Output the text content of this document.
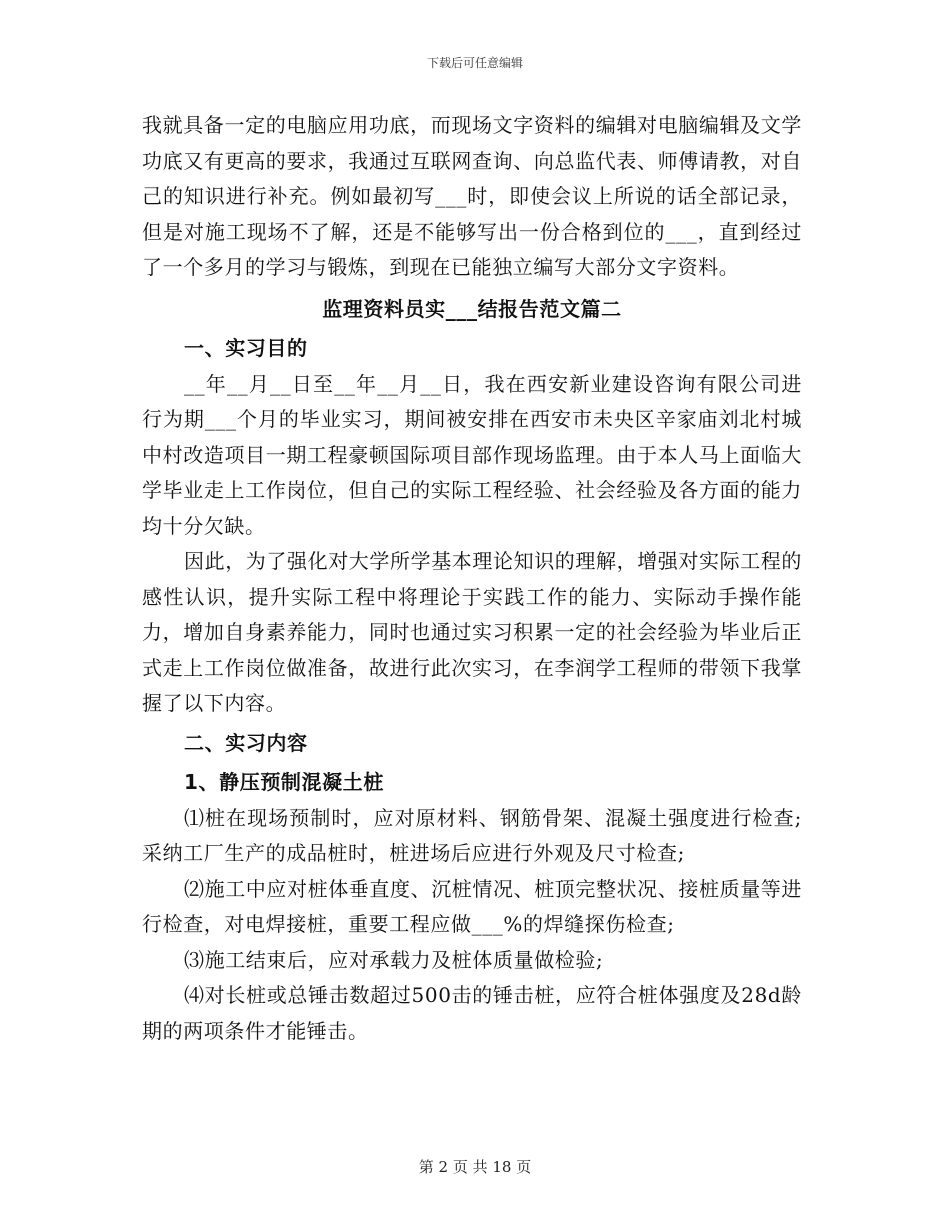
下载后可任意编辑

我就具备一定的电脑应用功底，而现场文字资料的编辑对电脑编辑及文学功底又有更高的要求，我通过互联网查询、向总监代表、师傅请教，对自己的知识进行补充。例如最初写___时，即使会议上所说的话全部记录，但是对施工现场不了解，还是不能够写出一份合格到位的___，直到经过了一个多月的学习与锻炼，到现在已能独立编写大部分文字资料。

监理资料员实___结报告范文篇二

一、实习目的

__年__月__日至__年__月__日，我在西安新业建设咨询有限公司进行为期___个月的毕业实习，期间被安排在西安市未央区辛家庙刘北村城中村改造项目一期工程豪顿国际项目部作现场监理。由于本人马上面临大学毕业走上工作岗位，但自己的实际工程经验、社会经验及各方面的能力均十分欠缺。

因此，为了强化对大学所学基本理论知识的理解，增强对实际工程的感性认识，提升实际工程中将理论于实践工作的能力、实际动手操作能力，增加自身素养能力，同时也通过实习积累一定的社会经验为毕业后正式走上工作岗位做准备，故进行此次实习，在李润学工程师的带领下我掌握了以下内容。

二、实习内容

1、静压预制混凝土桩

⑴桩在现场预制时，应对原材料、钢筋骨架、混凝土强度进行检查;采纳工厂生产的成品桩时，桩进场后应进行外观及尺寸检查;

⑵施工中应对桩体垂直度、沉桩情况、桩顶完整状况、接桩质量等进行检查，对电焊接桩，重要工程应做___%的焊缝探伤检查;

⑶施工结束后，应对承载力及桩体质量做检验;

⑷对长桩或总锤击数超过500击的锤击桩，应符合桩体强度及28d龄期的两项条件才能锤击。

第 2 页 共 18 页
